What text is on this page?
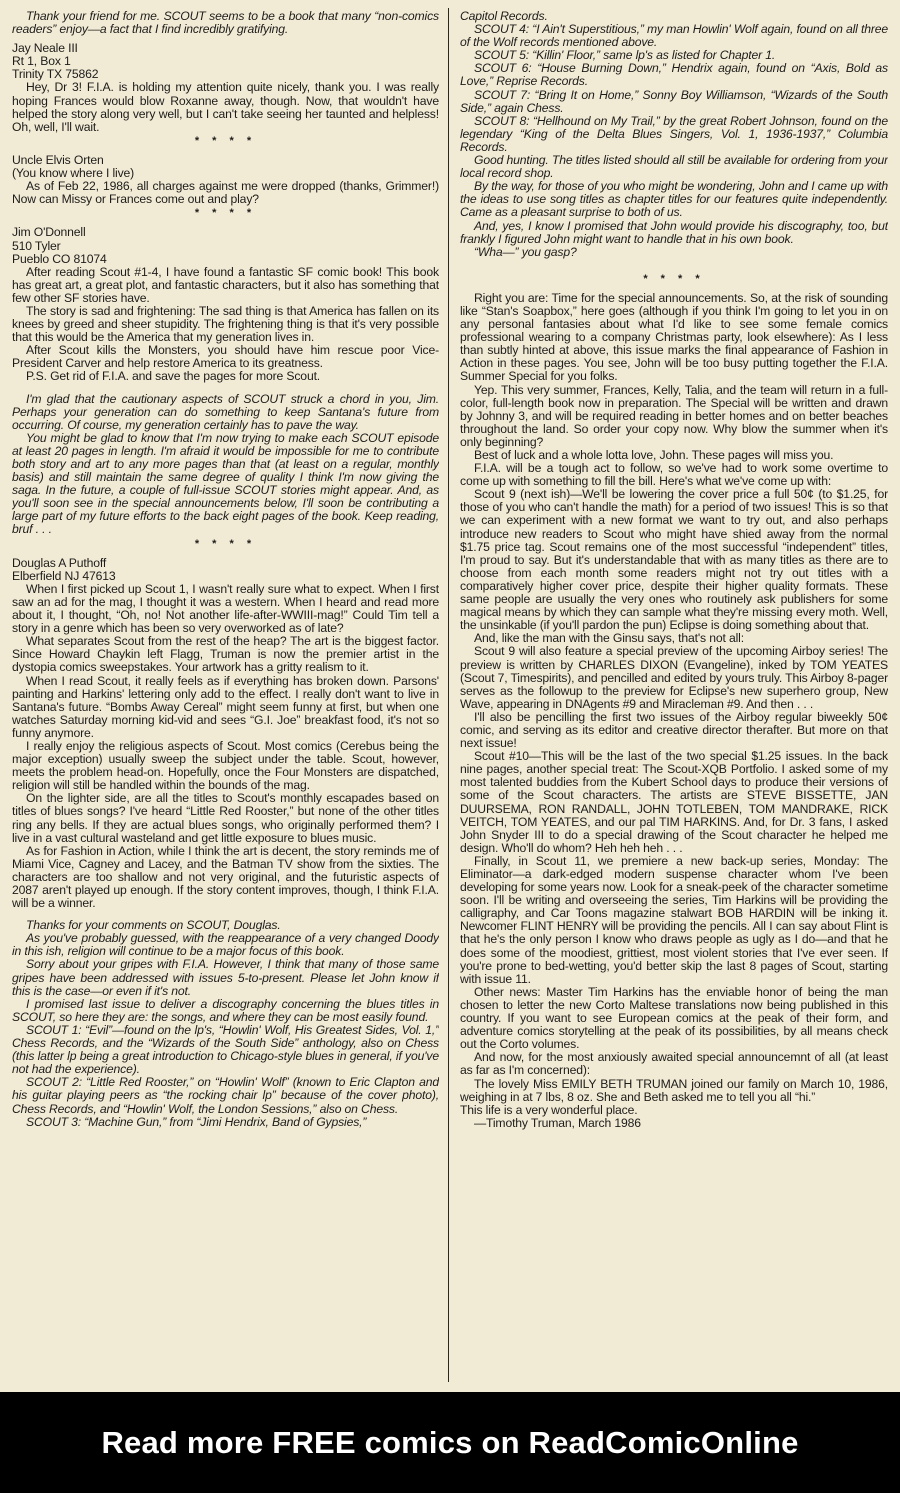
Thank your friend for me. SCOUT seems to be a book that many “non-comics readers” enjoy—a fact that I find incredibly gratifying.

Jay Neale III
Rt 1, Box 1
Trinity TX 75862

Hey, Dr 3! F.I.A. is holding my attention quite nicely, thank you. I was really hoping Frances would blow Roxanne away, though. Now, that wouldn't have helped the story along very well, but I can't take seeing her taunted and helpless! Oh, well, I'll wait.

* * * *
Uncle Elvis Orten
(You know where I live)

As of Feb 22, 1986, all charges against me were dropped (thanks, Grimmer!) Now can Missy or Frances come out and play?

* * * *
Jim O'Donnell
510 Tyler
Pueblo CO 81074

After reading Scout #1-4, I have found a fantastic SF comic book! This book has great art, a great plot, and fantastic characters, but it also has something that few other SF stories have.

The story is sad and frightening: The sad thing is that America has fallen on its knees by greed and sheer stupidity. The frightening thing is that it's very possible that this would be the America that my generation lives in.

After Scout kills the Monsters, you should have him rescue poor Vice-President Carver and help restore America to its greatness.

P.S. Get rid of F.I.A. and save the pages for more Scout.

I'm glad that the cautionary aspects of SCOUT struck a chord in you, Jim. Perhaps your generation can do something to keep Santana's future from occurring. Of course, my generation certainly has to pave the way.

You might be glad to know that I'm now trying to make each SCOUT episode at least 20 pages in length. I'm afraid it would be impossible for me to contribute both story and art to any more pages than that (at least on a regular, monthly basis) and still maintain the same degree of quality I think I'm now giving the saga. In the future, a couple of full-issue SCOUT stories might appear. And, as you'll soon see in the special announcements below, I'll soon be contributing a large part of my future efforts to the back eight pages of the book. Keep reading, bruf . . .

* * * *
Douglas A Puthoff
Elberfield NJ 47613

When I first picked up Scout 1, I wasn't really sure what to expect. When I first saw an ad for the mag, I thought it was a western. When I heard and read more about it, I thought, “Oh, no! Not another life-after-WWIII-mag!” Could Tim tell a story in a genre which has been so very overworked as of late?

What separates Scout from the rest of the heap? The art is the biggest factor. Since Howard Chaykin left Flagg, Truman is now the premier artist in the dystopia comics sweepstakes. Your artwork has a gritty realism to it.

When I read Scout, it really feels as if everything has broken down. Parsons' painting and Harkins' lettering only add to the effect. I really don't want to live in Santana's future. “Bombs Away Cereal” might seem funny at first, but when one watches Saturday morning kid-vid and sees “G.I. Joe” breakfast food, it's not so funny anymore.

I really enjoy the religious aspects of Scout. Most comics (Cerebus being the major exception) usually sweep the subject under the table. Scout, however, meets the problem head-on. Hopefully, once the Four Monsters are dispatched, religion will still be handled within the bounds of the mag.

On the lighter side, are all the titles to Scout's monthly escapades based on titles of blues songs? I've heard “Little Red Rooster,” but none of the other titles ring any bells. If they are actual blues songs, who originally performed them? I live in a vast cultural wasteland and get little exposure to blues music.

As for Fashion in Action, while I think the art is decent, the story reminds me of Miami Vice, Cagney and Lacey, and the Batman TV show from the sixties. The characters are too shallow and not very original, and the futuristic aspects of 2087 aren't played up enough. If the story content improves, though, I think F.I.A. will be a winner.

Thanks for your comments on SCOUT, Douglas.

As you've probably guessed, with the reappearance of a very changed Doody in this ish, religion will continue to be a major focus of this book.

Sorry about your gripes with F.I.A. However, I think that many of those same gripes have been addressed with issues 5-to-present. Please let John know if this is the case—or even if it's not.

I promised last issue to deliver a discography concerning the blues titles in SCOUT, so here they are: the songs, and where they can be most easily found.

SCOUT 1: “Evil”—found on the lp's, “Howlin' Wolf, His Greatest Sides, Vol. 1,” Chess Records, and the “Wizards of the South Side” anthology, also on Chess (this latter lp being a great introduction to Chicago-style blues in general, if you've not had the experience).

SCOUT 2: “Little Red Rooster,” on “Howlin' Wolf” (known to Eric Clapton and his guitar playing peers as “the rocking chair lp” because of the cover photo), Chess Records, and “Howlin' Wolf, the London Sessions,” also on Chess.

SCOUT 3: “Machine Gun,” from “Jimi Hendrix, Band of Gypsies,”

Capitol Records.

SCOUT 4: “I Ain't Superstitious,” my man Howlin' Wolf again, found on all three of the Wolf records mentioned above.

SCOUT 5: “Killin' Floor,” same lp's as listed for Chapter 1.

SCOUT 6: “House Burning Down,” Hendrix again, found on “Axis, Bold as Love,” Reprise Records.

SCOUT 7: “Bring It on Home,” Sonny Boy Williamson, “Wizards of the South Side,” again Chess.

SCOUT 8: “Hellhound on My Trail,” by the great Robert Johnson, found on the legendary “King of the Delta Blues Singers, Vol. 1, 1936-1937,” Columbia Records.

Good hunting. The titles listed should all still be available for ordering from your local record shop.

By the way, for those of you who might be wondering, John and I came up with the ideas to use song titles as chapter titles for our features quite independently. Came as a pleasant surprise to both of us.

And, yes, I know I promised that John would provide his discography, too, but frankly I figured John might want to handle that in his own book.

“Wha—” you gasp?

* * * *

Right you are: Time for the special announcements. So, at the risk of sounding like “Stan's Soapbox,” here goes (although if you think I'm going to let you in on any personal fantasies about what I'd like to see some female comics professional wearing to a company Christmas party, look elsewhere): As I less than subtly hinted at above, this issue marks the final appearance of Fashion in Action in these pages. You see, John will be too busy putting together the F.I.A. Summer Special for you folks.

Yep. This very summer, Frances, Kelly, Talia, and the team will return in a full-color, full-length book now in preparation. The Special will be written and drawn by Johnny 3, and will be required reading in better homes and on better beaches throughout the land. So order your copy now. Why blow the summer when it's only beginning?

Best of luck and a whole lotta love, John. These pages will miss you.

F.I.A. will be a tough act to follow, so we've had to work some overtime to come up with something to fill the bill. Here's what we've come up with:

Scout 9 (next ish)—We'll be lowering the cover price a full 50¢ (to $1.25, for those of you who can't handle the math) for a period of two issues! This is so that we can experiment with a new format we want to try out, and also perhaps introduce new readers to Scout who might have shied away from the normal $1.75 price tag. Scout remains one of the most successful “independent” titles, I'm proud to say. But it's understandable that with as many titles as there are to choose from each month some readers might not try out titles with a comparatively higher cover price, despite their higher quality formats. These same people are usually the very ones who routinely ask publishers for some magical means by which they can sample what they're missing every moth. Well, the unsinkable (if you'll pardon the pun) Eclipse is doing something about that.

And, like the man with the Ginsu says, that's not all:

Scout 9 will also feature a special preview of the upcoming Airboy series! The preview is written by CHARLES DIXON (Evangeline), inked by TOM YEATES (Scout 7, Timespirits), and pencilled and edited by yours truly. This Airboy 8-pager serves as the followup to the preview for Eclipse's new superhero group, New Wave, appearing in DNAgents #9 and Miracleman #9. And then . . .

I'll also be pencilling the first two issues of the Airboy regular biweekly 50¢ comic, and serving as its editor and creative director therafter. But more on that next issue!

Scout #10—This will be the last of the two special $1.25 issues. In the back nine pages, another special treat: The Scout-XQB Portfolio. I asked some of my most talented buddies from the Kubert School days to produce their versions of some of the Scout characters. The artists are STEVE BISSETTE, JAN DUURSEMA, RON RANDALL, JOHN TOTLEBEN, TOM MANDRAKE, RICK VEITCH, TOM YEATES, and our pal TIM HARKINS. And, for Dr. 3 fans, I asked John Snyder III to do a special drawing of the Scout character he helped me design. Who'll do whom? Heh heh heh . . .

Finally, in Scout 11, we premiere a new back-up series, Monday: The Eliminator—a dark-edged modern suspense character whom I've been developing for some years now. Look for a sneak-peek of the character sometime soon. I'll be writing and overseeing the series, Tim Harkins will be providing the calligraphy, and Car Toons magazine stalwart BOB HARDIN will be inking it. Newcomer FLINT HENRY will be providing the pencils. All I can say about Flint is that he's the only person I know who draws people as ugly as I do—and that he does some of the moodiest, grittiest, most violent stories that I've ever seen. If you're prone to bed-wetting, you'd better skip the last 8 pages of Scout, starting with issue 11.

Other news: Master Tim Harkins has the enviable honor of being the man chosen to letter the new Corto Maltese translations now being published in this country. If you want to see European comics at the peak of their form, and adventure comics storytelling at the peak of its possibilities, by all means check out the Corto volumes.

And now, for the most anxiously awaited special announcemnt of all (at least as far as I'm concerned):

The lovely Miss EMILY BETH TRUMAN joined our family on March 10, 1986, weighing in at 7 lbs, 8 oz. She and Beth asked me to tell you all “hi.”

This life is a very wonderful place.

—Timothy Truman, March 1986

Read more FREE comics on ReadComicOnline
